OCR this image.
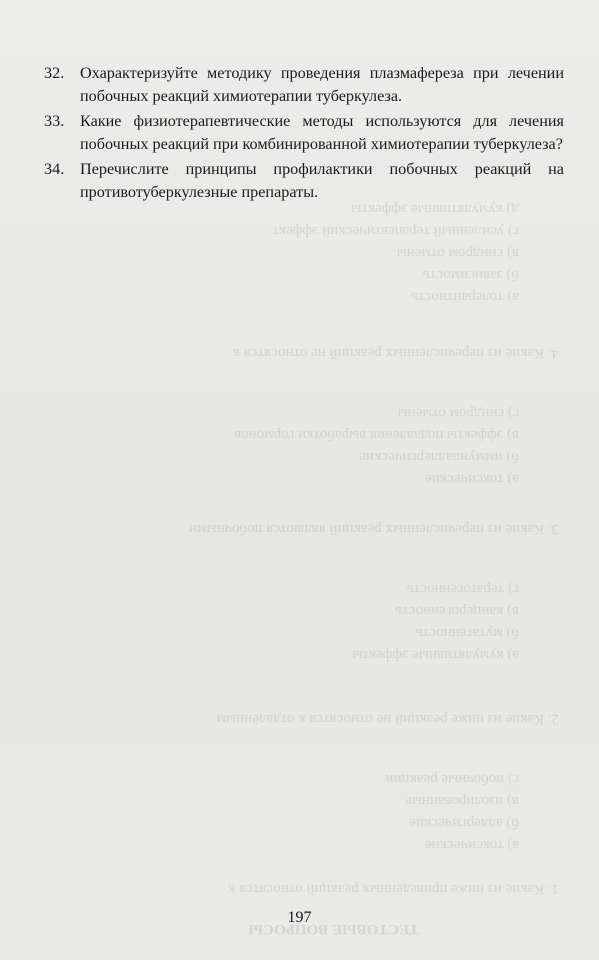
ТЕСТОВЫЕ ВОПРОСЫ
1. Какие из ниже приведённых реакций относятся к
а) токсические
б) аллергические
в) изолированные
г) побочные реакции
2. Какие из ниже реакций не относятся к отдалённым
а) кумулятивные эффекты
б) мутагенность
в) канцерогенность
г) тератогенность
3. Какие из перечисленных реакций являются побочными
а) токсические
б) иммуноаллергические
в) эффекты подавления выработки гормонов
г) синдром отмены
4. Какие из перечисленных реакций не относятся к
а) толерантность
б) зависимость
в) синдром отмены
г) усиленный терапевтический эффект
д) кумулятивные эффекты
32. Охарактеризуйте методику проведения плазмафереза при лечении побочных реакций химиотерапии туберкулеза.
33. Какие физиотерапевтические методы используются для лечения побочных реакций при комбинированной химиотерапии туберкулеза?
34. Перечислите принципы профилактики побочных реакций на противотуберкулезные препараты.
197
